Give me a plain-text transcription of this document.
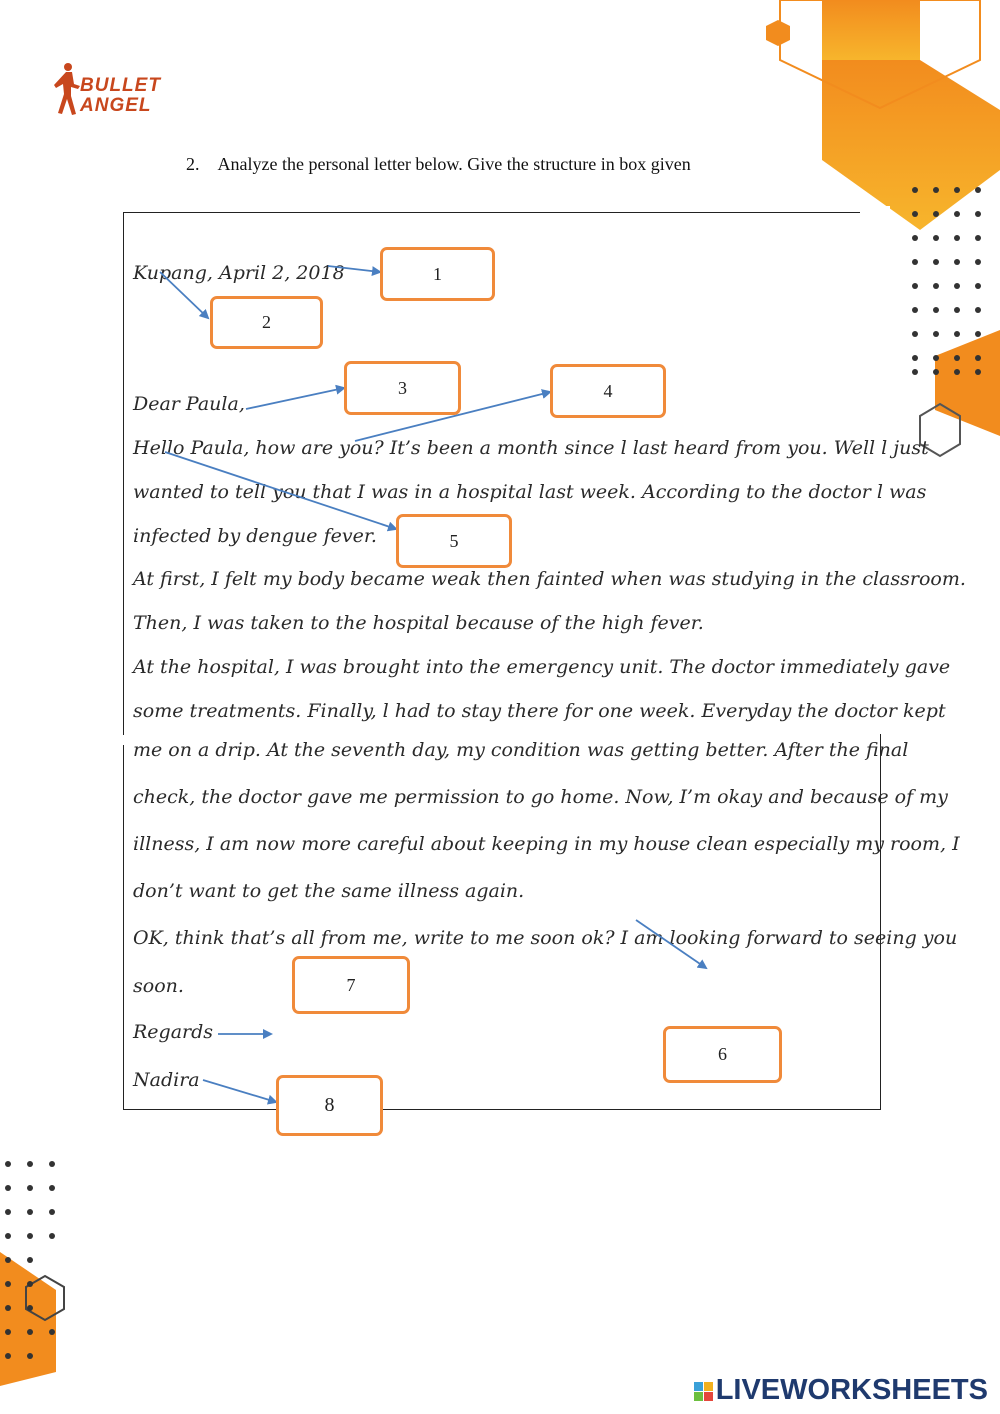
BULLET
ANGEL
2. Analyze the personal letter below. Give the structure in box given
Kupang, April 2, 2018
Dear Paula,
Hello Paula, how are you? It’s been a month since l last heard from you. Well l just
wanted to tell you that I was in a hospital last week. According to the doctor l was
infected by dengue fever.
At first, I felt my body became weak then fainted when was studying in the classroom.
Then, I was taken to the hospital because of the high fever.
At the hospital, I was brought into the emergency unit. The doctor immediately gave
some treatments. Finally, l had to stay there for one week. Everyday the doctor kept
me on a drip. At the seventh day, my condition was getting better. After the final
check, the doctor gave me permission to go home. Now, I’m okay and because of my
illness, I am now more careful about keeping in my house clean especially my room, I
don’t want to get the same illness again.
OK, think that’s all from me, write to me soon ok? I am looking forward to seeing you
soon.
Regards
Nadira
1
2
3	4
5
6
7
8
LIVEWORKSHEETS
